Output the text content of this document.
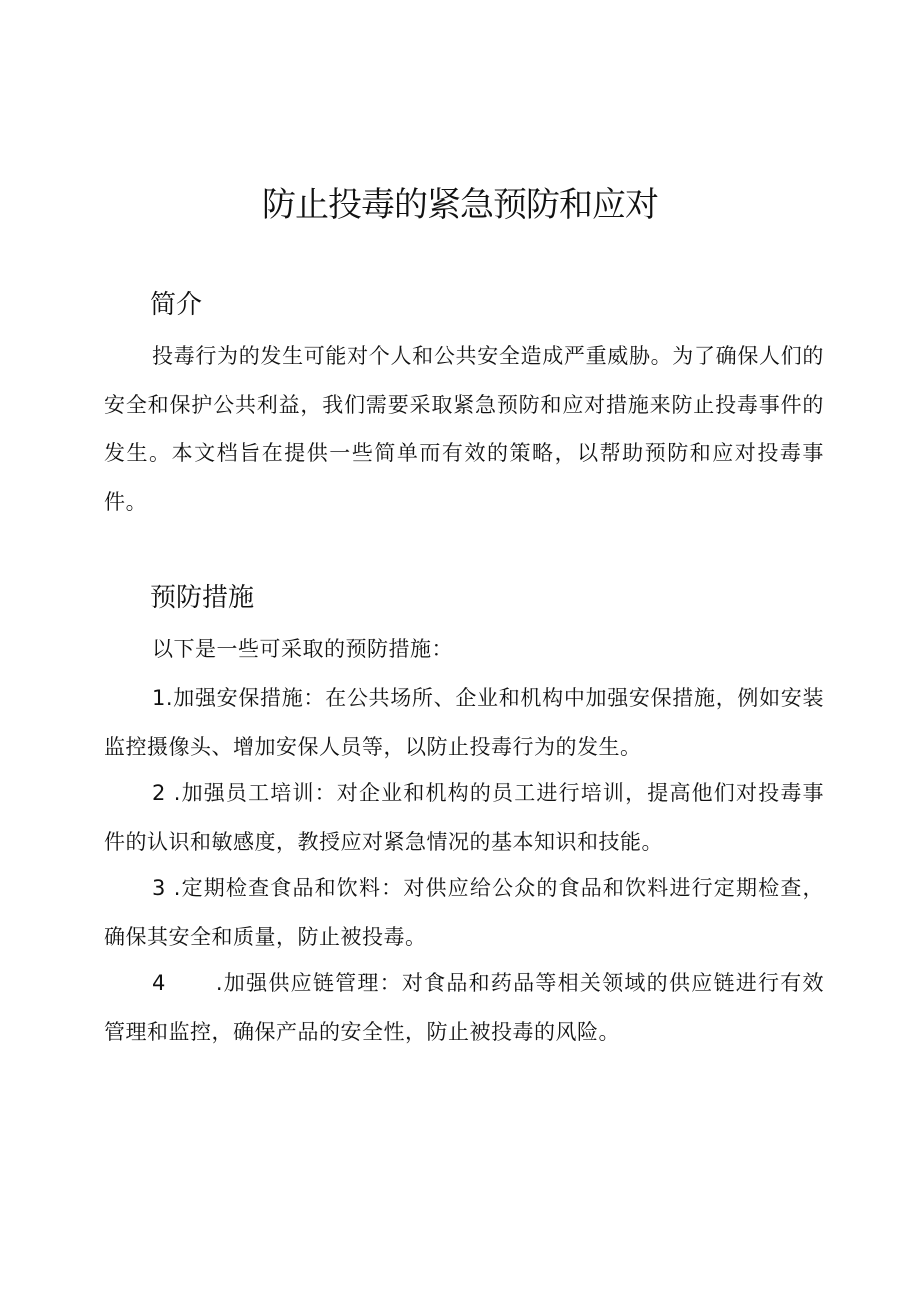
防止投毒的紧急预防和应对
简介

投毒行为的发生可能对个人和公共安全造成严重威胁。为了确保人们的安全和保护公共利益，我们需要采取紧急预防和应对措施来防止投毒事件的发生。本文档旨在提供一些简单而有效的策略，以帮助预防和应对投毒事件。

预防措施

以下是一些可采取的预防措施：

1.加强安保措施：在公共场所、企业和机构中加强安保措施，例如安装监控摄像头、增加安保人员等，以防止投毒行为的发生。

2 .加强员工培训：对企业和机构的员工进行培训，提高他们对投毒事件的认识和敏感度，教授应对紧急情况的基本知识和技能。

3 .定期检查食品和饮料：对供应给公众的食品和饮料进行定期检查，确保其安全和质量，防止被投毒。

4 .加强供应链管理：对食品和药品等相关领域的供应链进行有效管理和监控，确保产品的安全性，防止被投毒的风险。
